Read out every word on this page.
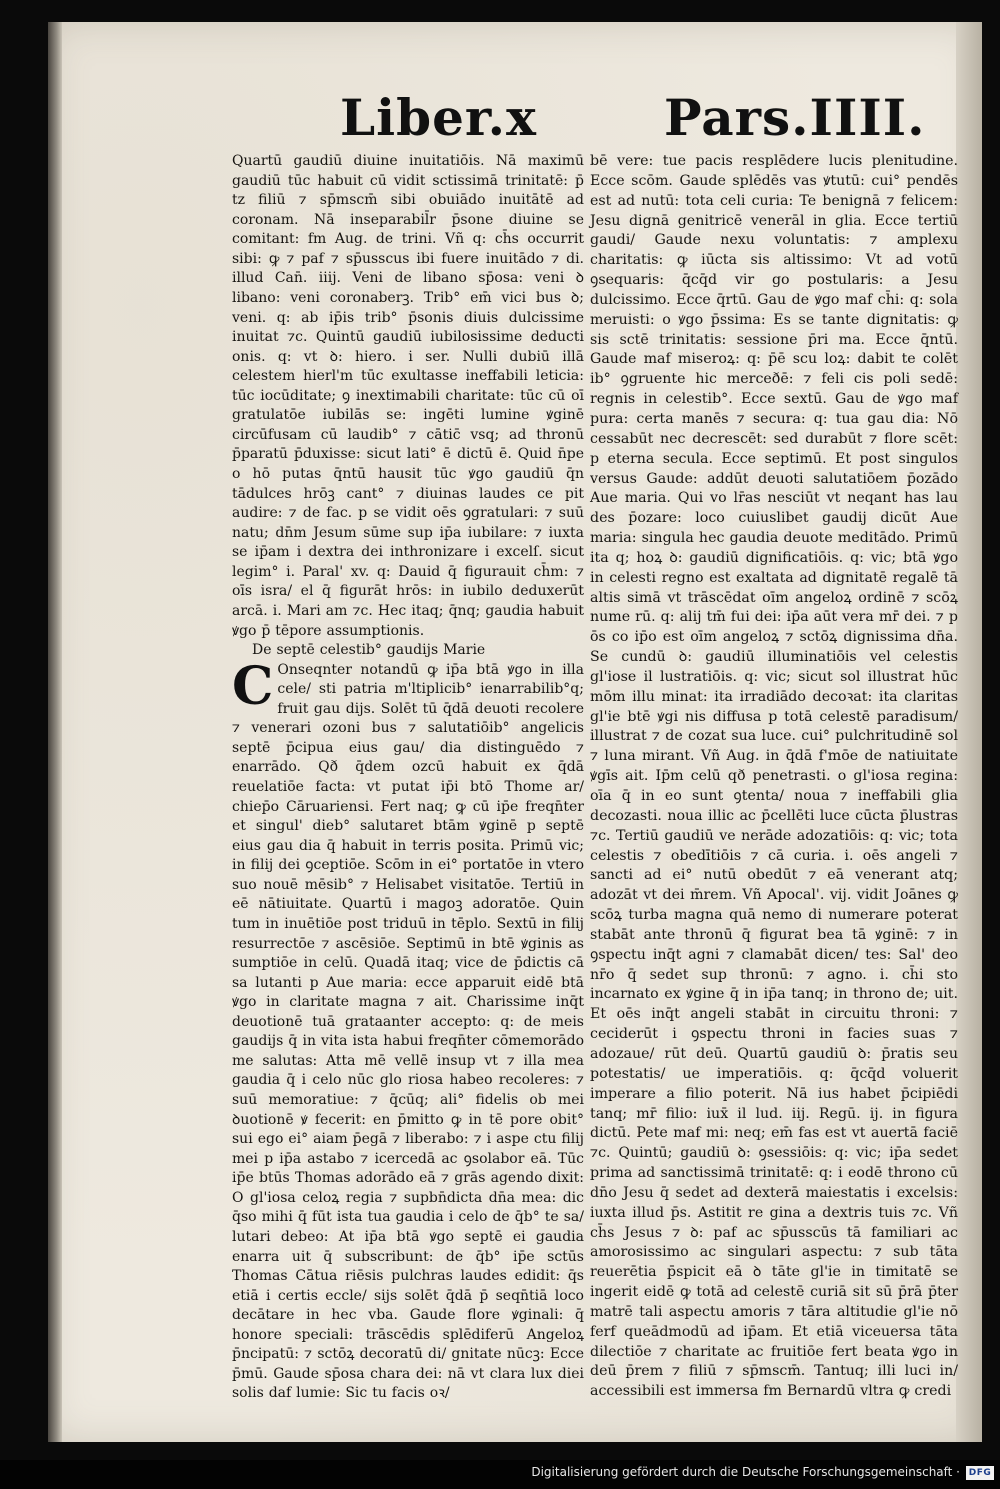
Liber.x	Pars.IIII.

Quartū gaudiū diuine inuitatiōis. Nā maximū gaudiū tūc habuit cū vidit sctissimā trinitatē: p̄ tz filiū ⁊ sp̄mscm̄ sibi obuiādo inuitātē ad coronam. Nā inseparabil̄r p̄sone diuine se comitant: fm Aug. de trini. Vñ q: ch̄s occurrit sibi: ꝙ ⁊ paf ⁊ sp̄usscus ibi fuere inuitādo ⁊ di. illud Can̄. iiij. Veni de libano sp̄osa: veni ꝺ libano: veni coronaberꝫ. Trib° em̄ vici bus ꝺ; veni. q: ab ip̄is trib° p̄sonis diuis dulcissime inuitat ⁊c. Quintū gaudiū iubilosissime deducti onis. q: vt ꝺ: hiero. i ser. Nulli dubiū illā celestem hierl'm tūc exultasse ineffabili leticia: tūc iocūditate; ꝯ inextimabili charitate: tūc cū oī gratulatōe iubilās se: ingēti lumine ꝟginē circūfusam cū laudib° ⁊ cātic̄ vsq; ad thronū p̄paratū p̄duxisse: sicut lati° ē dictū ē. Quid n̄pe o hō putas q̄ntū hausit tūc ꝟgo gaudiū q̄n tādulces hrōꝫ cant° ⁊ diuinas laudes ce pit audire: ⁊ de fac. p se vidit oēs ꝯgratulari: ⁊ suū natu; dn̄m Jesum sūme sup ip̄a iubilare: ⁊ iuxta se ip̄am i dextra dei inthronizare i excelſ. sicut legim° i. Paral' xv. q: Dauid q̄ figurauit ch̄m: ⁊ oīs isra/ el q̄ figurāt hrōs: in iubilo deduxerūt arcā. i. Mari am ⁊c. Hec itaq; q̄nq; gaudia habuit ꝟgo p̄ tēpore assumptionis.

De septē celestib° gaudijs Marie

C Onseqnter notandū ꝙ ip̄a btā ꝟgo in illa cele/ sti patria m'ltiplicib° ienarrabilib°q; fruit gau dijs. Solēt tū q̄dā deuoti recolere ⁊ venerari ozoni bus ⁊ salutatiōib° angelicis septē p̄cipua eius gau/ dia distinguēdo ⁊ enarrādo. Qð q̄dem ozcū habuit ex q̄dā reuelatiōe facta: vt putat ip̄i btō Thome ar/ chiep̄o Cāruariensi. Fert naq; ꝙ cū ip̄e freqn̄ter et singul' dieb° salutaret btām ꝟginē p septē eius gau dia q̄ habuit in terris posita. Primū vic; in filij dei ꝯceptiōe. Scōm in ei° portatōe in vtero suo nouē mēsib° ⁊ Helisabet visitatōe. Tertiū in eē nātiuitate. Quartū i magoꝫ adoratōe. Quin tum in inuētiōe post triduū in tēplo. Sextū in filij resurrectōe ⁊ ascēsiōe. Septimū in btē ꝟginis as sumptiōe in celū. Quadā itaq; vice de p̄dictis cā sa lutanti p Aue maria: ecce apparuit eidē btā ꝟgo in claritate magna ⁊ ait. Charissime inq̄t deuotionē tuā grataanter accepto: q: de meis gaudijs q̄ in vita ista habui freqn̄ter cōmemorādo me salutas: Atta mē vellē insup vt ⁊ illa mea gaudia q̄ i celo nūc glo riosa habeo recoleres: ⁊ suū memoratiue: ⁊ q̄cūq; ali° fidelis ob mei ꝺuotionē ꝟ fecerit: en p̄mitto ꝙ in tē pore obit° sui ego ei° aiam p̄egā ⁊ liberabo: ⁊ i aspe ctu filij mei p ip̄a astabo ⁊ icercedā ac ꝯsolabor eā. Tūc ip̄e btūs Thomas adorādo eā ⁊ grās agendo dixit: O gl'iosa celoꝝ regia ⁊ supbn̄dicta dn̄a mea: dic q̄so mihi q̄ fūt ista tua gaudia i celo de q̄b° te sa/ lutari debeo: At ip̄a btā ꝟgo septē ei gaudia enarra uit q̄ subscribunt: de q̄b° ip̄e sctūs Thomas Cātua riēsis pulchras laudes edidit: q̄s etiā i certis eccle/ sijs solēt q̄dā p̄ seqn̄tiā loco decātare in hec vba. Gaude flore ꝟginali: q̄ honore speciali: trāscēdis splēdiferū Angeloꝝ p̄ncipatū: ⁊ sctōꝝ decoratū di/ gnitate nūcꝫ: Ecce p̄mū. Gaude sp̄osa chara dei: nā vt clara lux diei solis daf lumie: Sic tu facis oꝛ/

bē vere: tue pacis resplēdere lucis plenitudine. Ecce scōm. Gaude splēdēs vas ꝟtutū: cui° pendēs est ad nutū: tota celi curia: Te benignā ⁊ felicem: Jesu dignā genitricē venerāl in glia. Ecce tertiū gaudi/ Gaude nexu voluntatis: ⁊ amplexu charitatis: ꝙ iūcta sis altissimo: Vt ad votū ꝯsequaris: q̄cq̄d vir go postularis: a Jesu dulcissimo. Ecce q̄rtū. Gau de ꝟgo maf ch̄i: q: sola meruisti: o ꝟgo p̄ssima: Es se tante dignitatis: ꝙ sis sctē trinitatis: sessione p̄ri ma. Ecce q̄ntū. Gaude maf miseroꝝ: q: p̄ē scu loꝝ: dabit te colēt ib° ꝯgruente hic merceðē: ⁊ feli cis poli sedē: regnis in celestib°. Ecce sextū. Gau de ꝟgo maf pura: certa manēs ⁊ secura: q: tua gau dia: Nō cessabūt nec decrescēt: sed durabūt ⁊ flore scēt: p eterna secula. Ecce septimū. Et post singulos versus Gaude: addūt deuoti salutatiōem p̄ozādo Aue maria. Qui vo lr̄as nesciūt vt neqant has lau des p̄ozare: loco cuiuslibet gaudij dicūt Aue maria: singula hec gaudia deuote meditādo. Primū ita q; hoꝝ ꝺ: gaudiū dignificatiōis. q: vic; btā ꝟgo in celesti regno est exaltata ad dignitatē regalē tā altis simā vt trāscēdat oīm angeloꝝ ordinē ⁊ scōꝝ nume rū. q: alij tm̄ fui dei: ip̄a aūt vera mr̄ dei. ⁊ p ōs co ip̄o est oīm angeloꝝ ⁊ sctōꝝ dignissima dn̄a. Se cundū ꝺ: gaudiū illuminatiōis vel celestis gl'iose il lustratiōis. q: vic; sicut sol illustrat hūc mōm illu minat: ita irradiādo decoꝛat: ita claritas gl'ie btē ꝟgi nis diffusa p totā celestē paradisum/ illustrat ⁊ de cozat sua luce. cui° pulchritudinē sol ⁊ luna mirant. Vñ Aug. in q̄dā f'mōe de natiuitate ꝟgīs ait. Ip̄m celū qð penetrasti. o gl'iosa regina: oīa q̄ in eo sunt ꝯtenta/ noua ⁊ ineffabili glia decozasti. noua illic ac p̄cellēti luce cūcta p̄lustras ⁊c. Tertiū gaudiū ve nerāde adozatiōis: q: vic; tota celestis ⁊ obedītiōis ⁊ cā curia. i. oēs angeli ⁊ sancti ad ei° nutū obedūt ⁊ eā venerant atq; adozāt vt dei m̄rem. Vñ Apocal'. vij. vidit Joānes ꝙ scōꝝ turba magna quā nemo di numerare poterat stabāt ante thronū q̄ figurat bea tā ꝟginē: ⁊ in ꝯspectu inq̄t agni ⁊ clamabāt dicen/ tes: Sal' deo nr̄o q̄ sedet sup thronū: ⁊ agno. i. ch̄i sto incarnato ex ꝟgine q̄ in ip̄a tanq; in throno de; uit. Et oēs inq̄t angeli stabāt in circuitu throni: ⁊ ceciderūt i ꝯspectu throni in facies suas ⁊ adozaue/ rūt deū. Quartū gaudiū ꝺ: p̄ratis seu potestatis/ ue imperatiōis. q: q̄cq̄d voluerit imperare a filio poterit. Nā ius habet p̄cipiēdi tanq; mr̄ filio: iux̄ il lud. iij. Regū. ij. in figura dictū. Pete maf mi: neq; em̄ fas est vt auertā faciē ⁊c. Quintū; gaudiū ꝺ: ꝯsessiōis: q: vic; ip̄a sedet prima ad sanctissimā trinitatē: q: i eodē throno cū dn̄o Jesu q̄ sedet ad dexterā maiestatis i excelsis: iuxta illud p̄s. Astitit re gina a dextris tuis ⁊c. Vñ ch̄s Jesus ⁊ ꝺ: paf ac sp̄usscūs tā familiari ac amorosissimo ac singulari aspectu: ⁊ sub tāta reuerētia p̄spicit eā ꝺ tāte gl'ie in timitatē se ingerit eidē ꝙ totā ad celestē curiā sit sū p̄rā p̄ter matrē tali aspectu amoris ⁊ tāra altitudie gl'ie nō ferf queādmodū ad ip̄am. Et etiā viceuersa tāta dilectiōe ⁊ charitate ac fruitiōe fert beata ꝟgo in deū p̄rem ⁊ filiū ⁊ sp̄mscm̄. Tantuq; illi luci in/ accessibili est immersa fm Bernardū vltra ꝙ credi

Digitalisierung gefördert durch die Deutsche Forschungsgemeinschaft · DFG
